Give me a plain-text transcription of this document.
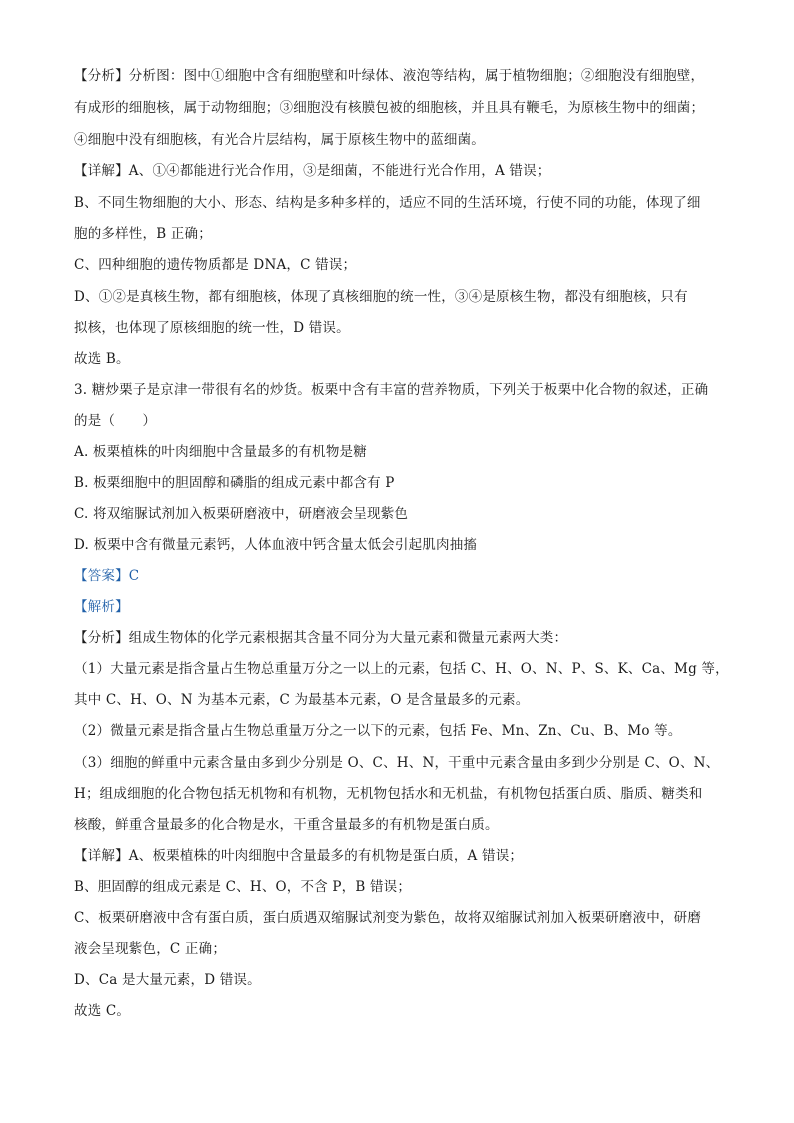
【分析】分析图：图中①细胞中含有细胞壁和叶绿体、液泡等结构，属于植物细胞；②细胞没有细胞壁，
有成形的细胞核，属于动物细胞；③细胞没有核膜包被的细胞核，并且具有鞭毛，为原核生物中的细菌；
④细胞中没有细胞核，有光合片层结构，属于原核生物中的蓝细菌。
【详解】A、①④都能进行光合作用，③是细菌，不能进行光合作用，A 错误；
B、不同生物细胞的大小、形态、结构是多种多样的，适应不同的生活环境，行使不同的功能，体现了细
胞的多样性，B 正确；
C、四种细胞的遗传物质都是 DNA，C 错误；
D、①②是真核生物，都有细胞核，体现了真核细胞的统一性，③④是原核生物，都没有细胞核，只有
拟核，也体现了原核细胞的统一性，D 错误。
故选 B。
3. 糖炒栗子是京津一带很有名的炒货。板栗中含有丰富的营养物质，下列关于板栗中化合物的叙述，正确
的是（　　）
A. 板栗植株的叶肉细胞中含量最多的有机物是糖
B. 板栗细胞中的胆固醇和磷脂的组成元素中都含有 P
C. 将双缩脲试剂加入板栗研磨液中，研磨液会呈现紫色
D. 板栗中含有微量元素钙，人体血液中钙含量太低会引起肌肉抽搐
【答案】C
【解析】
【分析】组成生物体的化学元素根据其含量不同分为大量元素和微量元素两大类：
（1）大量元素是指含量占生物总重量万分之一以上的元素，包括 C、H、O、N、P、S、K、Ca、Mg 等，
其中 C、H、O、N 为基本元素，C 为最基本元素，O 是含量最多的元素。
（2）微量元素是指含量占生物总重量万分之一以下的元素，包括 Fe、Mn、Zn、Cu、B、Mo 等。
（3）细胞的鲜重中元素含量由多到少分别是 O、C、H、N，干重中元素含量由多到少分别是 C、O、N、
H；组成细胞的化合物包括无机物和有机物，无机物包括水和无机盐，有机物包括蛋白质、脂质、糖类和
核酸，鲜重含量最多的化合物是水，干重含量最多的有机物是蛋白质。
【详解】A、板栗植株的叶肉细胞中含量最多的有机物是蛋白质，A 错误；
B、胆固醇的组成元素是 C、H、O，不含 P，B 错误；
C、板栗研磨液中含有蛋白质，蛋白质遇双缩脲试剂变为紫色，故将双缩脲试剂加入板栗研磨液中，研磨
液会呈现紫色，C 正确；
D、Ca 是大量元素，D 错误。
故选 C。
